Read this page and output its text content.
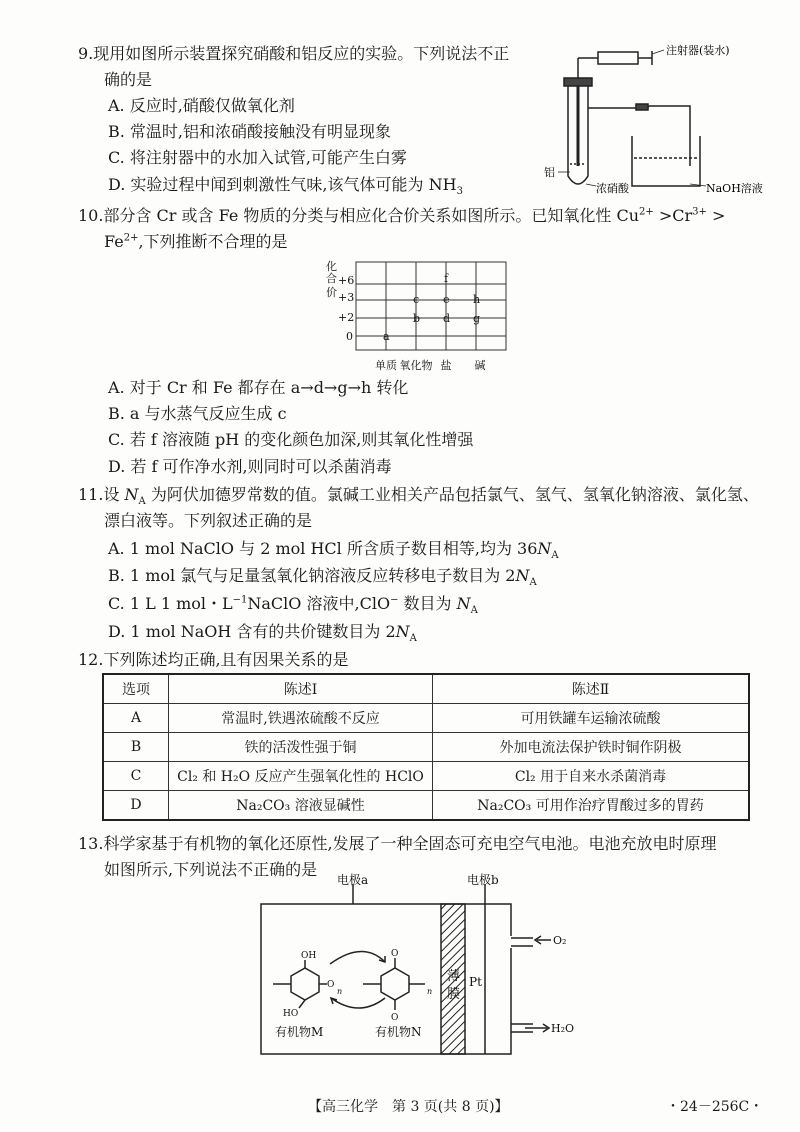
9.现用如图所示装置探究硝酸和铝反应的实验。下列说法不正
确的是
A. 反应时,硝酸仅做氧化剂
B. 常温时,铝和浓硝酸接触没有明显现象
C. 将注射器中的水加入试管,可能产生白雾
D. 实验过程中闻到刺激性气味,该气体可能为 $NH_3$
注射器(装水)
铝
浓硝酸	NaOH溶液
10.部分含 Cr 或含 Fe 物质的分类与相应化合价关系如图所示。已知氧化性 $Cu^{2+} >Cr^{3+}$ >
$Fe^{2+}$,下列推断不合理的是
化
合
价
+6
+3
+2
0
单质 氧化物 盐 碱
a
b
c
d
e
f
g
h
A. 对于 Cr 和 Fe 都存在 a→d→g→h 转化
B. a 与水蒸气反应生成 c
C. 若 f 溶液随 pH 的变化颜色加深,则其氧化性增强
D. 若 f 可作净水剂,则同时可以杀菌消毒
11.设 $N_A$ 为阿伏加德罗常数的值。氯碱工业相关产品包括氯气、氢气、氢氧化钠溶液、氯化氢、
漂白液等。下列叙述正确的是
A. 1 mol NaClO 与 2 mol HCl 所含质子数目相等,均为 $36N_A$
B. 1 mol 氯气与足量氢氧化钠溶液反应转移电子数目为 $2N_A$
C. 1 L 1 mol・$L^{-1}NaClO$ 溶液中,ClO− 数目为 $N_A$
D. 1 mol NaOH 含有的共价键数目为 $2N_A$
12.下列陈述均正确,且有因果关系的是
选项	陈述Ⅰ	陈述Ⅱ
A	常温时,铁遇浓硫酸不反应	可用铁罐车运输浓硫酸
B	铁的活泼性强于铜	外加电流法保护铁时铜作阴极
C	Cl₂ 和 H₂O 反应产生强氧化性的 HClO	Cl₂ 用于自来水杀菌消毒
D	Na₂CO₃ 溶液显碱性	Na₂CO₃ 可用作治疗胃酸过多的胃药
13.科学家基于有机物的氧化还原性,发展了一种全固态可充电空气电池。电池充放电时原理
如图所示,下列说法不正确的是
电极a	电极b
薄
膜
Pt
O₂
H₂O
OH
HO
O
O
O
n	n
有机物M	有机物N
【高三化学　第 3 页(共 8 页)】	・24－256C・
